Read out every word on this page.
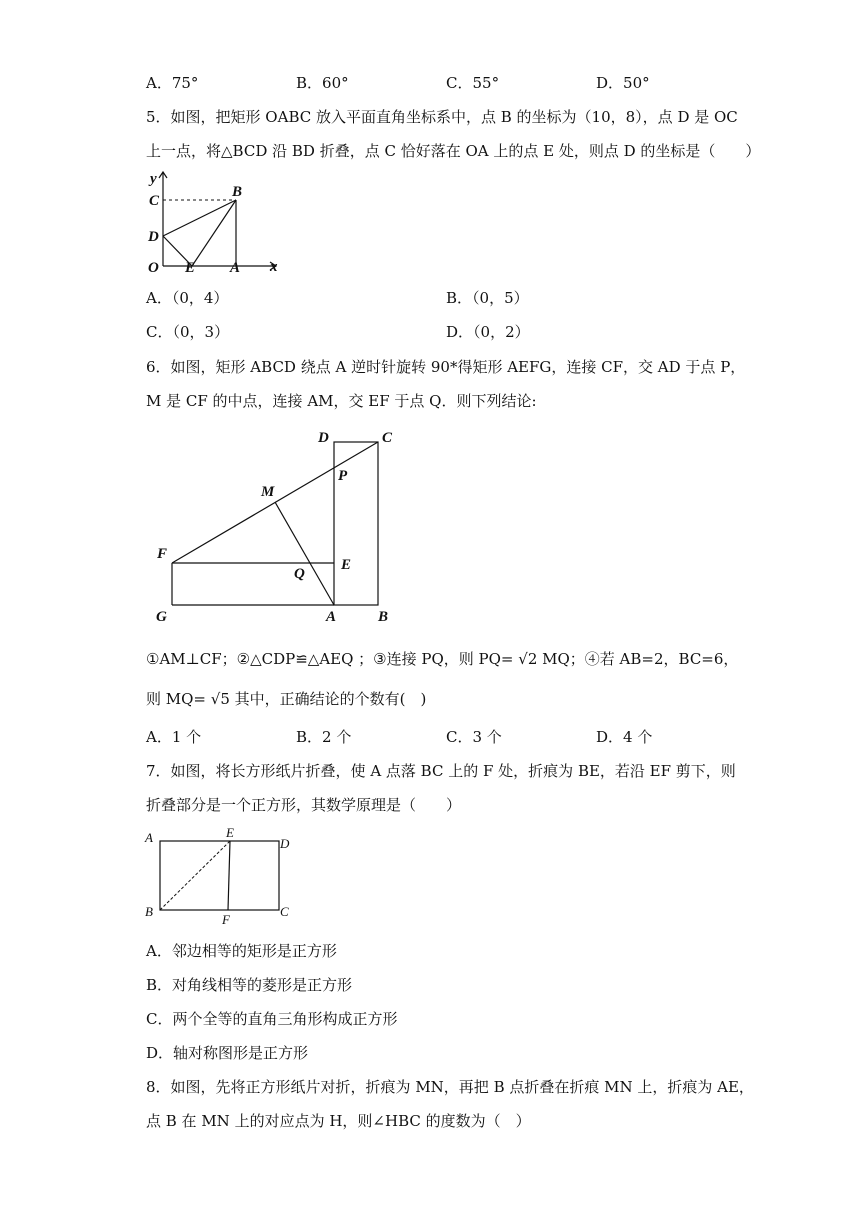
A．75°	B．60°	C．55°	D．50°
5．如图，把矩形 OABC 放入平面直角坐标系中，点 B 的坐标为（10，8），点 D 是 OC
上一点，将△BCD 沿 BD 折叠，点 C 恰好落在 OA 上的点 E 处，则点 D 的坐标是（　　）
y
x
O	A
B
C
D
E
A．（0，4）	B．（0，5）
C．（0，3）	D．（0，2）
6．如图，矩形 ABCD 绕点 A 逆时针旋转 90*得矩形 AEFG，连接 CF，交 AD 于点 P，
M 是 CF 的中点，连接 AM，交 EF 于点 Q．则下列结论:
D	C
P
M
F
E
Q
G	A	B
①AM⊥CF；②△CDP≌△AEQ ；③连接 PQ，则 PQ= √2 MQ；④若 AB=2，BC=6，
则 MQ= √5 其中，正确结论的个数有(　)
A．1 个	B．2 个	C．3 个	D．4 个
7．如图，将长方形纸片折叠，使 A 点落 BC 上的 F 处，折痕为 BE，若沿 EF 剪下，则
折叠部分是一个正方形，其数学原理是（　　）
A	E
D
B
F
C
A．邻边相等的矩形是正方形
B．对角线相等的菱形是正方形
C．两个全等的直角三角形构成正方形
D．轴对称图形是正方形
8．如图，先将正方形纸片对折，折痕为 MN，再把 B 点折叠在折痕 MN 上，折痕为 AE，
点 B 在 MN 上的对应点为 H，则∠HBC 的度数为（　）
